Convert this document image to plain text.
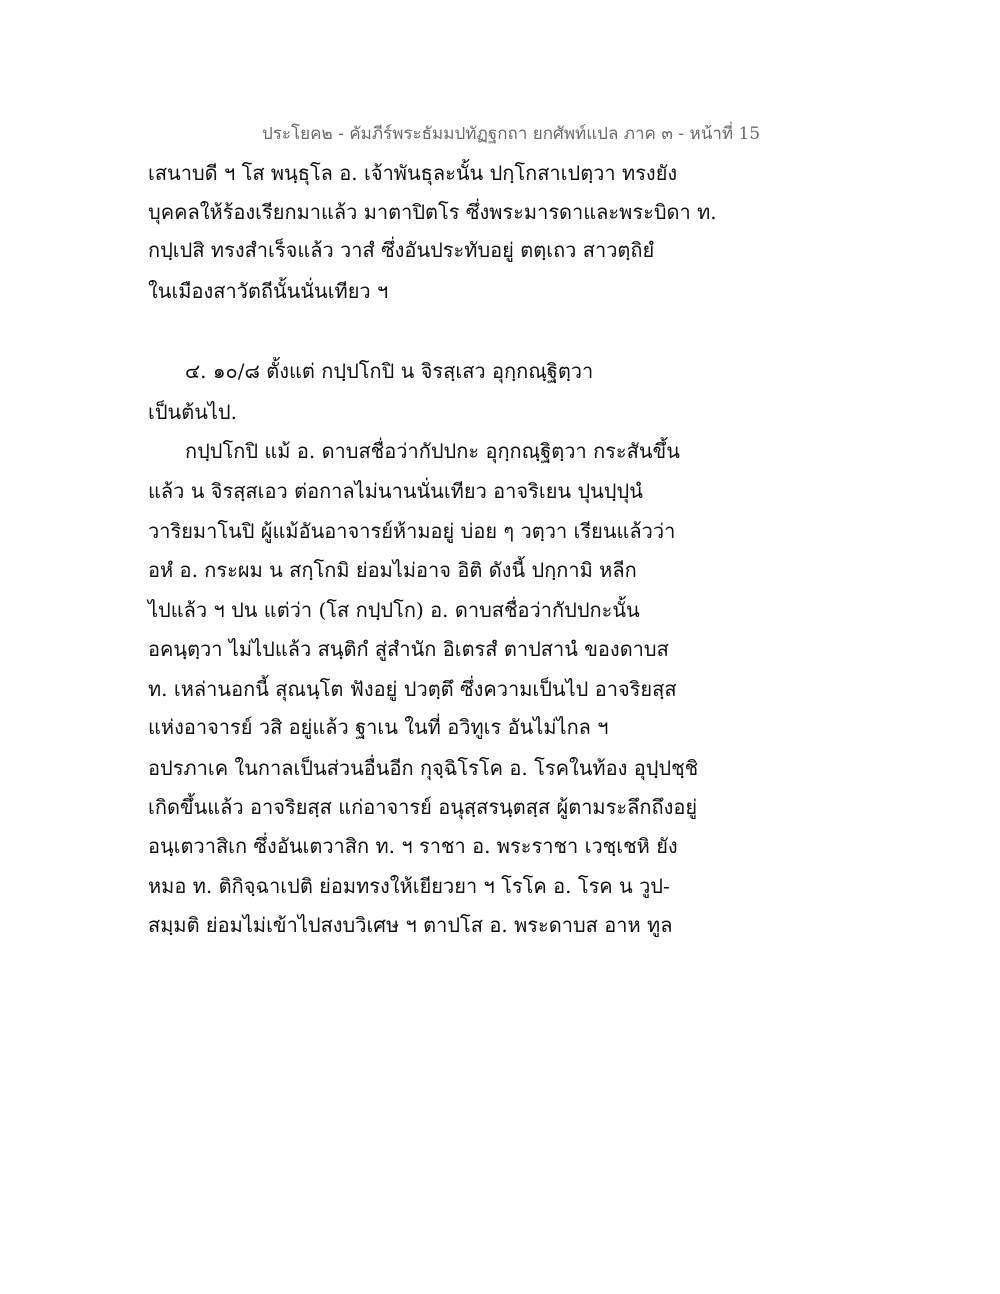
ประโยค๒ - คัมภีร์พระธัมมปทัฏฐกถา ยกศัพท์แปล ภาค ๓ - หน้าที่ 15
เสนาบดี ฯ โส พนฺธุโล อ. เจ้าพันธุละนั้น ปกฺโกสาเปตฺวา ทรงยัง
บุคคลให้ร้องเรียกมาแล้ว มาตาปิตโร ซึ่งพระมารดาและพระบิดา ท.
กปฺเปสิ ทรงสำเร็จแล้ว วาสํ ซึ่งอันประทับอยู่ ตตฺเถว สาวตฺถิยํ
ในเมืองสาวัตถีนั้นนั่นเทียว ฯ
๔. ๑๐/๘ ตั้งแต่ กปฺปโกปิ น จิรสฺเสว อุกฺกณฺฐิตฺวา
เป็นต้นไป.
กปฺปโกปิ แม้ อ. ดาบสชื่อว่ากัปปกะ อุกฺกณฺฐิตฺวา กระสันขึ้น
แล้ว น จิรสฺสเอว ต่อกาลไม่นานนั่นเทียว อาจริเยน ปุนปฺปุนํ
วาริยมาโนปิ ผู้แม้อันอาจารย์ห้ามอยู่ บ่อย ๆ วตฺวา เรียนแล้วว่า
อหํ อ. กระผม น สกฺโกมิ ย่อมไม่อาจ อิติ ดังนี้ ปกฺกามิ หลีก
ไปแล้ว ฯ ปน แต่ว่า (โส กปฺปโก) อ. ดาบสชื่อว่ากัปปกะนั้น
อคนฺตฺวา ไม่ไปแล้ว สนฺติกํ สู่สำนัก อิเตรสํ ตาปสานํ ของดาบส
ท. เหล่านอกนี้ สุณนฺโต ฟังอยู่ ปวตฺตึ ซึ่งความเป็นไป อาจริยสฺส
แห่งอาจารย์ วสิ อยู่แล้ว ฐาเน ในที่ อวิทูเร อันไม่ไกล ฯ
อปรภาเค ในกาลเป็นส่วนอื่นอีก กุจฺฉิโรโค อ. โรคในท้อง อุปฺปชฺชิ
เกิดขึ้นแล้ว อาจริยสฺส แก่อาจารย์ อนุสฺสรนฺตสฺส ผู้ตามระลึกถึงอยู่
อนฺเตวาสิเก ซึ่งอันเตวาสิก ท. ฯ ราชา อ. พระราชา เวชฺเชหิ ยัง
หมอ ท. ติกิจฺฉาเปติ ย่อมทรงให้เยียวยา ฯ โรโค อ. โรค น วูป-
สมฺมติ ย่อมไม่เข้าไปสงบวิเศษ ฯ ตาปโส อ. พระดาบส อาห ทูล
